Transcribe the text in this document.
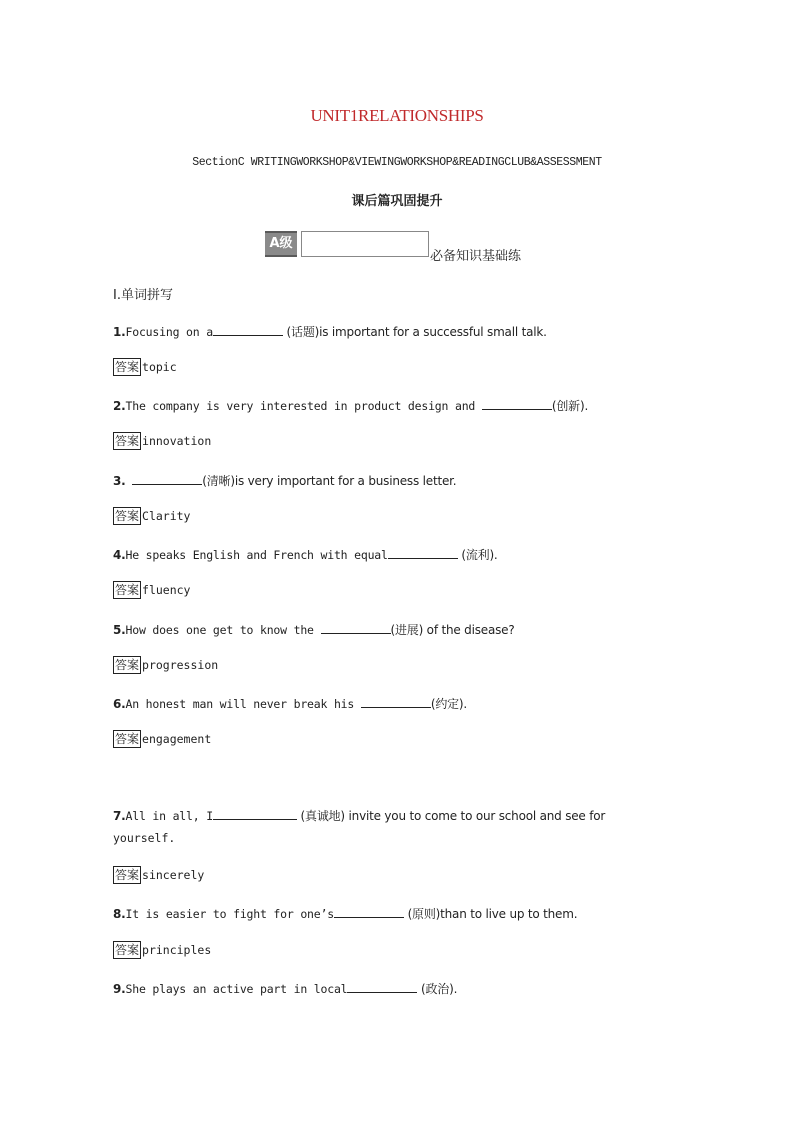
UNIT1RELATIONSHIPS
SectionC WRITINGWORKSHOP&VIEWINGWORKSHOP&READINGCLUB&ASSESSMENT
课后篇巩固提升
A级
必备知识基础练
Ⅰ.单词拼写
1.Focusing on a	(话题)is important for a successful small talk.
答案 topic
2.The company is very interested in product design and	(创新).
答案 innovation
3.	(清晰)is very important for a business letter.
答案 Clarity
4.He speaks English and French with equal	(流利).
答案 fluency
5.How does one get to know the	(进展) of the disease?
答案 progression
6.An honest man will never break his	(约定).
答案 engagement
7.All in all, I	(真诚地) invite you to come to our school and see for
yourself.
答案 sincerely
8.It is easier to fight for one’s	(原则)than to live up to them.
答案 principles
9.She plays an active part in local	(政治).
